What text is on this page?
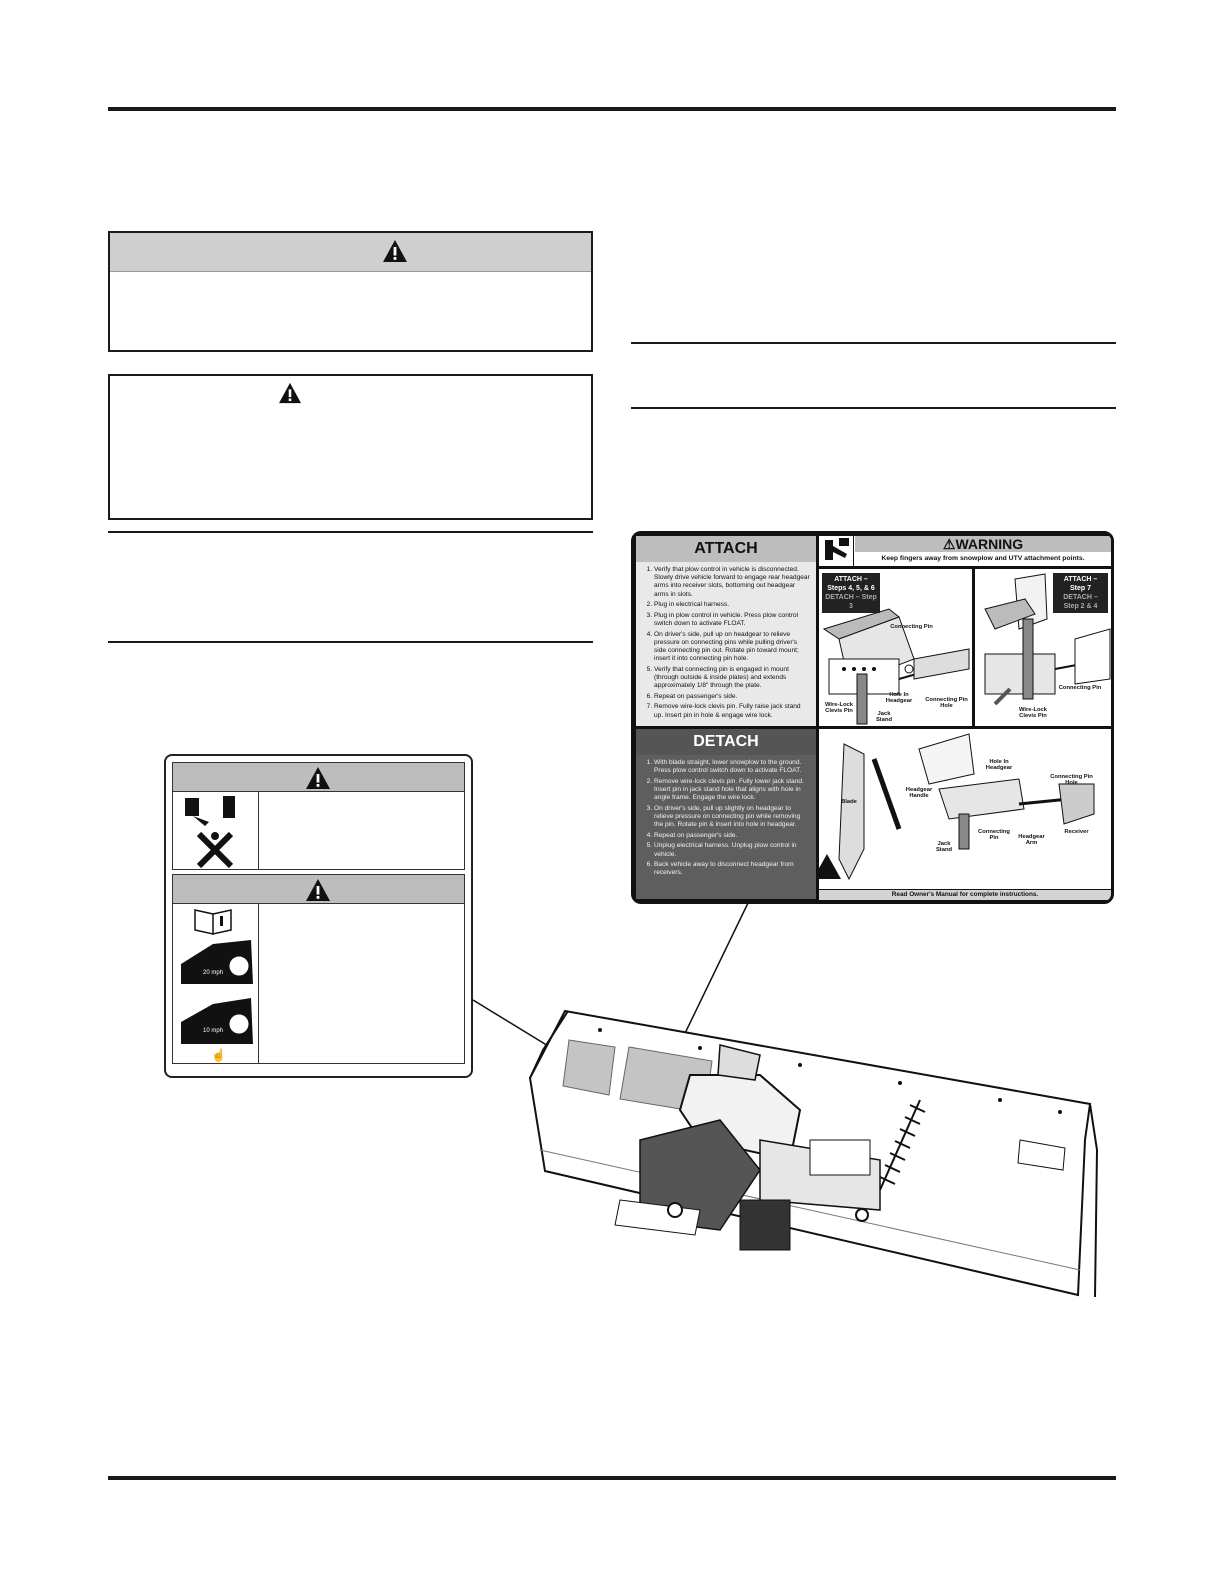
ATTACH
1. Verify that plow control in vehicle is disconnected. Slowly drive vehicle forward to engage rear headgear arms into receiver slots, bottoming out headgear arms in slots.
2. Plug in electrical harness.
3. Plug in plow control in vehicle. Press plow control switch down to activate FLOAT.
4. On driver's side, pull up on headgear to relieve pressure on connecting pins while pulling driver's side connecting pin out. Rotate pin toward mount; insert it into connecting pin hole.
5. Verify that connecting pin is engaged in mount (through outside & inside plates) and extends approximately 1/8" through the plate.
6. Repeat on passenger's side.
7. Remove wire-lock clevis pin. Fully raise jack stand up. Insert pin in hole & engage wire lock.
DETACH
1. With blade straight, lower snowplow to the ground. Press plow control switch down to activate FLOAT.
2. Remove wire-lock clevis pin. Fully lower jack stand. Insert pin in jack stand hole that aligns with hole in angle frame. Engage the wire lock.
3. On driver's side, pull up slightly on headgear to relieve pressure on connecting pin while removing the pin. Rotate pin & insert into hole in headgear.
4. Repeat on passenger's side.
5. Unplug electrical harness. Unplug plow control in vehicle.
6. Back vehicle away to disconnect headgear from receivers.
⚠WARNING
Keep fingers away from snowplow and UTV attachment points.
ATTACH – Steps 4, 5, & 6
DETACH – Step 3
Connecting Pin
Hole In Headgear	Connecting Pin Hole
Wire-Lock Clevis Pin	Jack Stand
ATTACH – Step 7
DETACH – Step 2 & 4
Connecting Pin
Wire-Lock Clevis Pin
Blade
Headgear Handle
Hole In Headgear
Connecting Pin Hole
Connecting Pin
Jack Stand
Headgear Arm
Receiver
Read Owner's Manual for complete instructions.
20 mph
10 mph
☝
